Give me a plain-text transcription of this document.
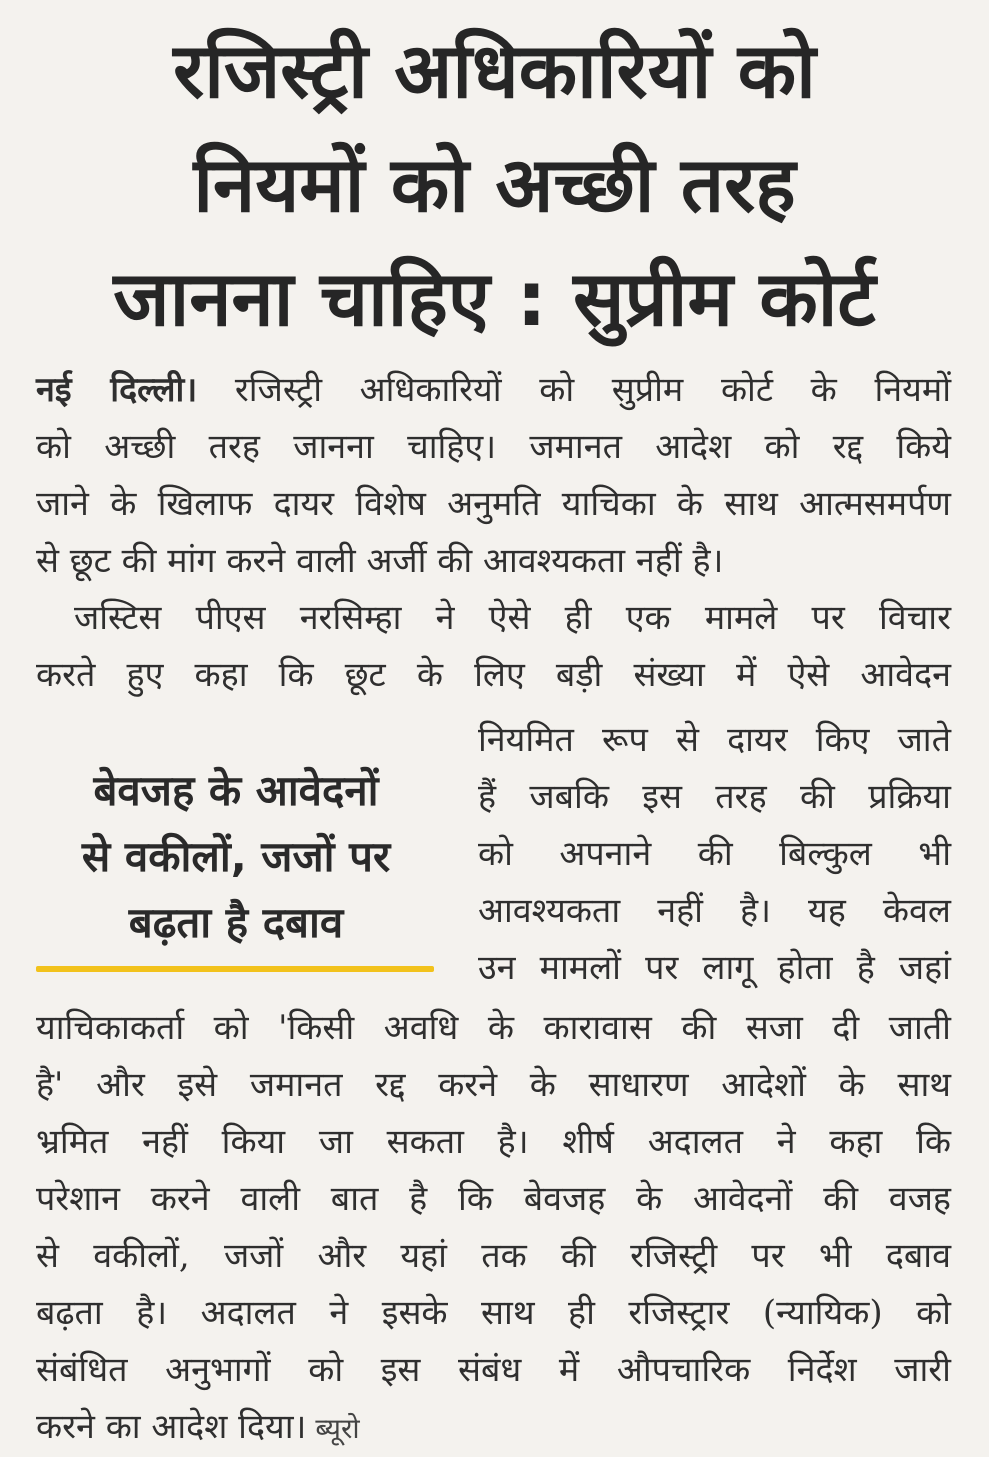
रजिस्ट्री अधिकारियों को
नियमों को अच्छी तरह
जानना चाहिए : सुप्रीम कोर्ट
नई दिल्ली। रजिस्ट्री अधिकारियों को सुप्रीम कोर्ट के नियमों
को अच्छी तरह जानना चाहिए। जमानत आदेश को रद्द किये
जाने के खिलाफ दायर विशेष अनुमति याचिका के साथ आत्मसमर्पण
से छूट की मांग करने वाली अर्जी की आवश्यकता नहीं है।
जस्टिस पीएस नरसिम्हा ने ऐसे ही एक मामले पर विचार
करते हुए कहा कि छूट के लिए बड़ी संख्या में ऐसे आवेदन
नियमित रूप से दायर किए जाते
हैं जबकि इस तरह की प्रक्रिया
को अपनाने की बिल्कुल भी
आवश्यकता नहीं है। यह केवल
उन मामलों पर लागू होता है जहां
बेवजह के आवेदनों
से वकीलों, जजों पर
बढ़ता है दबाव
याचिकाकर्ता को 'किसी अवधि के कारावास की सजा दी जाती
है' और इसे जमानत रद्द करने के साधारण आदेशों के साथ
भ्रमित नहीं किया जा सकता है। शीर्ष अदालत ने कहा कि
परेशान करने वाली बात है कि बेवजह के आवेदनों की वजह
से वकीलों, जजों और यहां तक की रजिस्ट्री पर भी दबाव
बढ़ता है। अदालत ने इसके साथ ही रजिस्ट्रार (न्यायिक) को
संबंधित अनुभागों को इस संबंध में औपचारिक निर्देश जारी
करने का आदेश दिया। ब्यूरो
